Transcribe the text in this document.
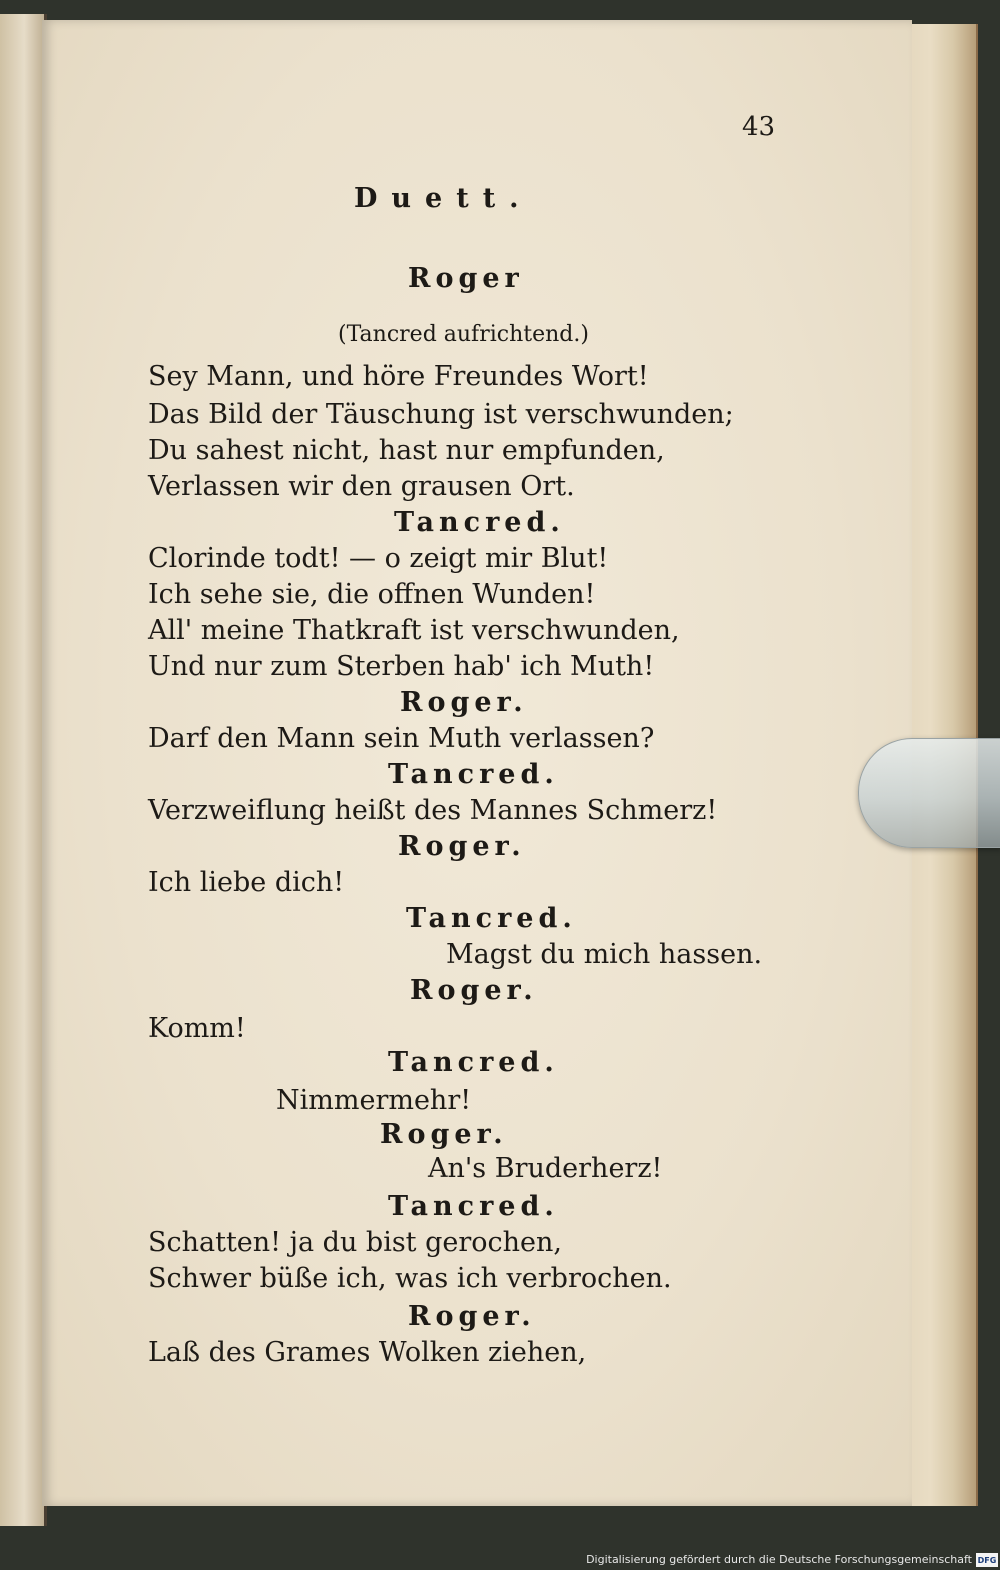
43
Duett.
Roger
(Tancred aufrichtend.)
Sey Mann, und höre Freundes Wort!
Das Bild der Täuschung ist verschwunden;
Du sahest nicht, hast nur empfunden,
Verlassen wir den grausen Ort.
Tancred.
Clorinde todt! — o zeigt mir Blut!
Ich sehe sie, die offnen Wunden!
All' meine Thatkraft ist verschwunden,
Und nur zum Sterben hab' ich Muth!
Roger.
Darf den Mann sein Muth verlassen?
Tancred.
Verzweiflung heißt des Mannes Schmerz!
Roger.
Ich liebe dich!
Tancred.
Magst du mich hassen.
Roger.
Komm!
Tancred.
Nimmermehr!
Roger.
An's Bruderherz!
Tancred.
Schatten! ja du bist gerochen,
Schwer büße ich, was ich verbrochen.
Roger.
Laß des Grames Wolken ziehen,
Digitalisierung gefördert durch die Deutsche Forschungsgemeinschaft DFG
